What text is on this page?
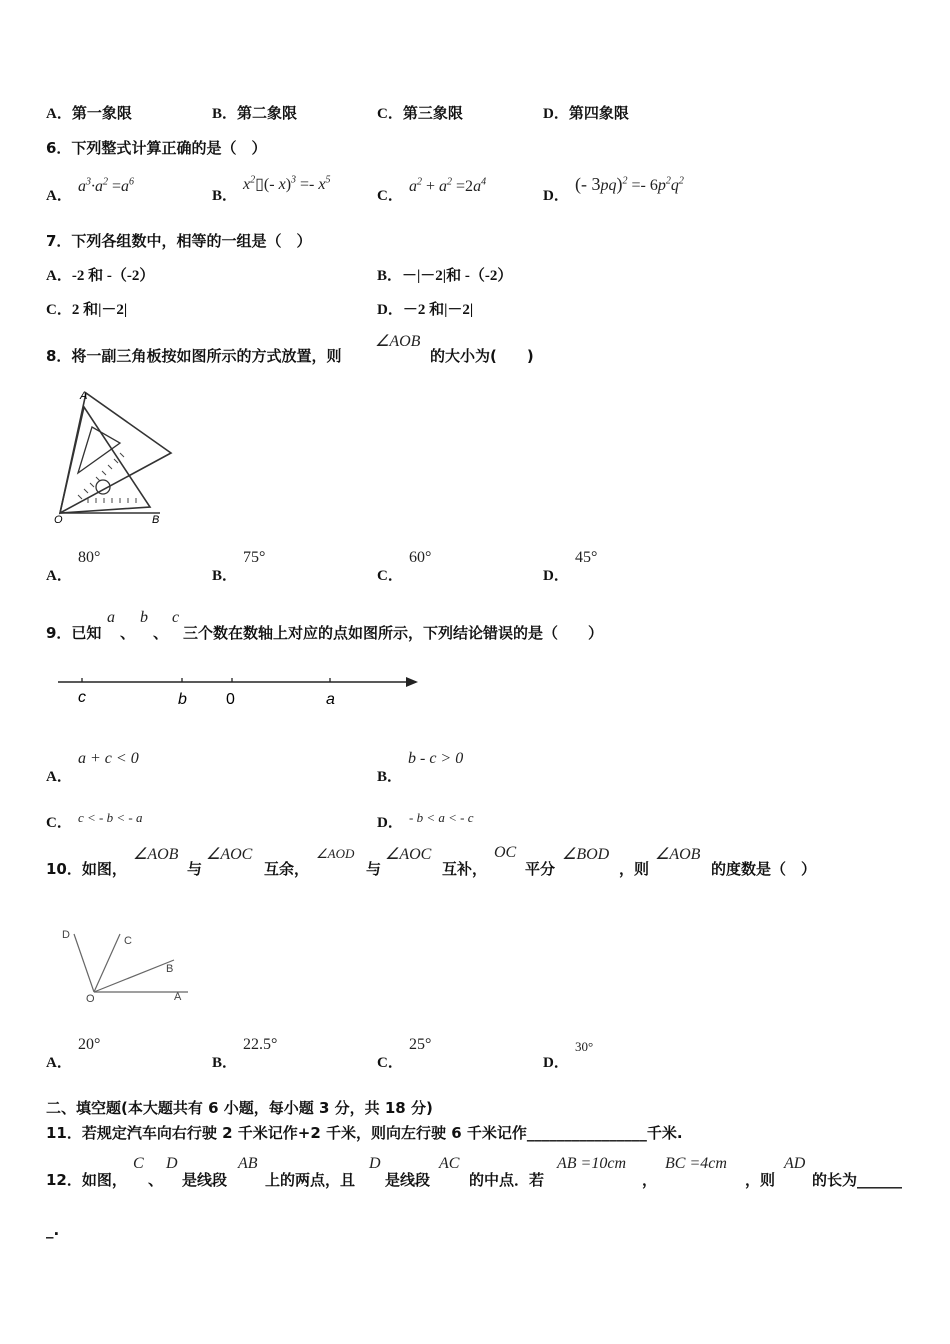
A．第一象限	B．第二象限	C．第三象限	D．第四象限
6．下列整式计算正确的是（　）
A．
$a^3\cdot a^2 =a^6$
B．
$x^2▯(-$ $x)^3 =- x^5$
C．
$a^2 + a^2 =2a^4$
D．
(- $3pq)^2 =- 6p^2q^2$
7．下列各组数中，相等的一组是（　）
A．-2 和 -（-2）	B．－|－2|和 -（-2）
C．2 和|－2|	D．－2 和|－2|
8．将一副三角板按如图所示的方式放置，则
∠AOB
的大小为(　　)
A
O	B
A．
80°
B．
75°
C．
60°
D．
45°
9．已知
a
、
b
、
c
三个数在数轴上对应的点如图所示，下列结论错误的是（　　）
c	b 0	a
A．
a + c < 0
B．
b - c > 0
C． c < - b < - a	D． - b < a < - c
10．如图，
∠AOB
与
∠AOC
互余，
∠AOD
与
∠AOC
互补，
OC
平分
∠BOD
，则
∠AOB
的度数是（　）
D	C
B
O	A
A．
20°
B．
22.5°
C．
25°
D．
30°
二、填空题(本大题共有 6 小题，每小题 3 分，共 18 分)
11．若规定汽车向右行驶 2 千米记作+2 千米，则向左行驶 6 千米记作________________千米.
12．如图，
C
、
D
是线段
AB
上的两点，且
D
是线段
AC
的中点．若
AB =10cm
，
BC =4cm
，则
AD
的长为______
_.
